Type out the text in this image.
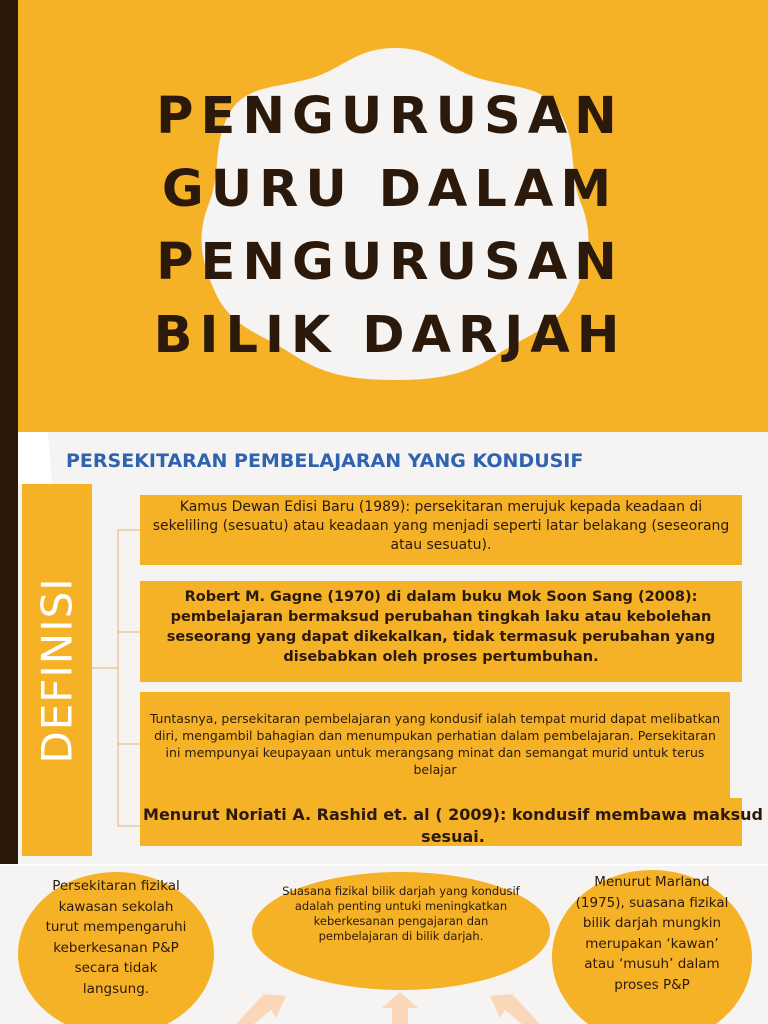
PENGURUSAN
GURU DALAM
PENGURUSAN
BILIK DARJAH
PERSEKITARAN PEMBELAJARAN YANG KONDUSIF
DEFINISI
Kamus Dewan Edisi Baru (1989): persekitaran merujuk kepada keadaan di sekeliling (sesuatu) atau keadaan yang menjadi seperti latar belakang (seseorang atau sesuatu).
Robert M. Gagne (1970) di dalam buku Mok Soon Sang (2008): pembelajaran bermaksud perubahan tingkah laku atau kebolehan seseorang yang dapat dikekalkan, tidak termasuk perubahan yang disebabkan oleh proses pertumbuhan.
Tuntasnya, persekitaran pembelajaran yang kondusif ialah tempat murid dapat melibatkan diri, mengambil bahagian dan menumpukan perhatian dalam pembelajaran. Persekitaran ini mempunyai keupayaan untuk merangsang minat dan semangat murid untuk terus belajar
Menurut Noriati A. Rashid et. al ( 2009): kondusif membawa maksud sesuai.
Persekitaran fizikal kawasan sekolah turut mempengaruhi keberkesanan P&P secara tidak langsung.
Suasana fizikal bilik darjah yang kondusif adalah penting untuki meningkatkan keberkesanan pengajaran dan pembelajaran di bilik darjah.
Menurut Marland (1975), suasana fizikal bilik darjah mungkin merupakan ‘kawan’ atau ‘musuh’ dalam proses P&P
